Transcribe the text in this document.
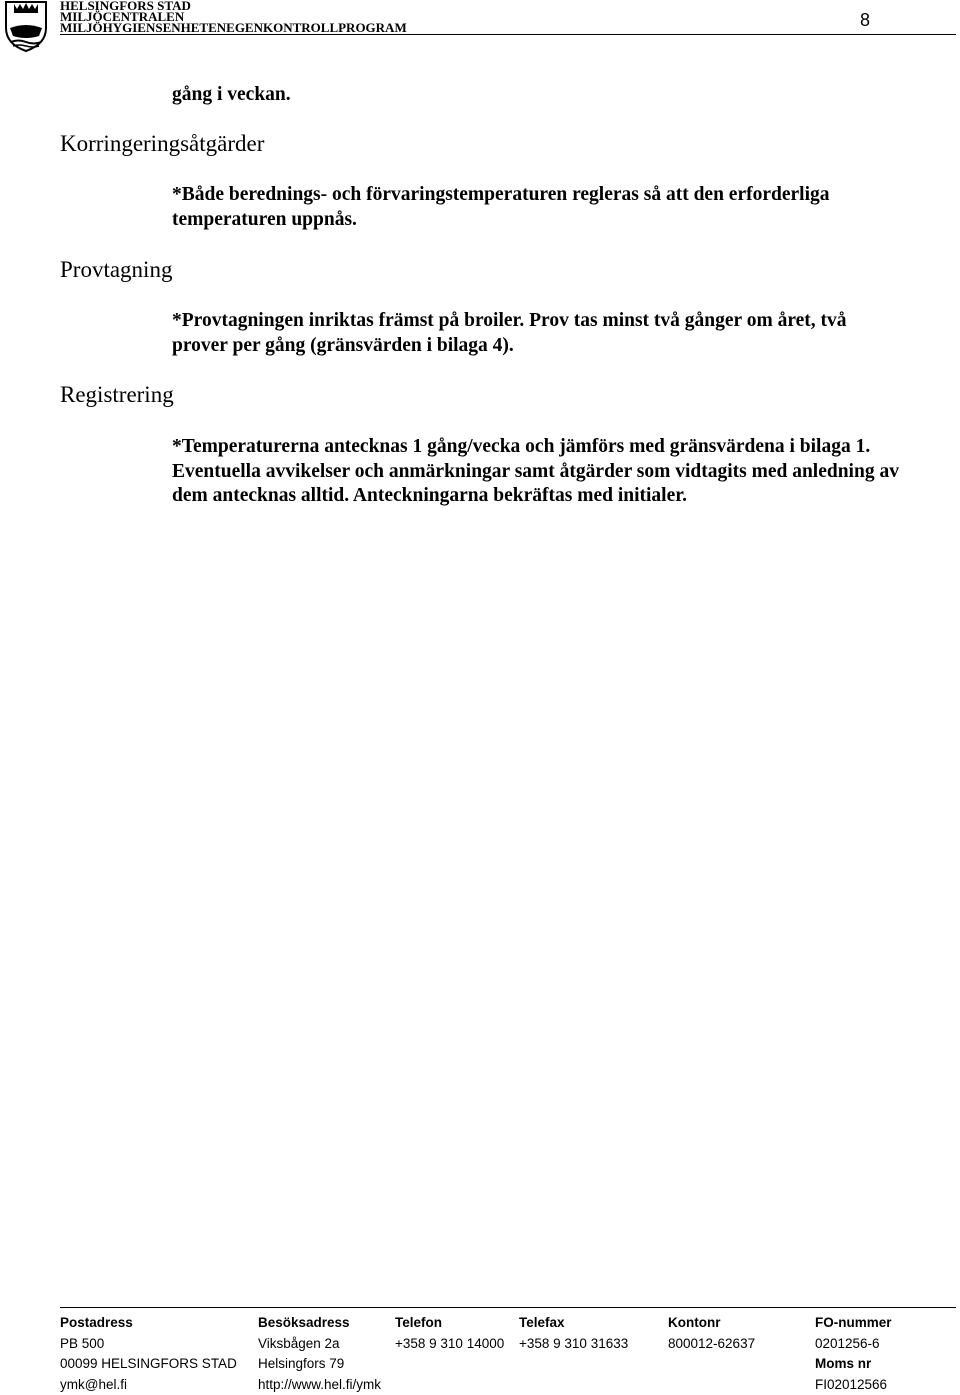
HELSINGFORS STAD
MILJÖCENTRALEN
MILJÖHYGIENSENHETENEGENKONTROLLPROGRAM	8
gång i veckan.
Korringeringsåtgärder
Provtagning
Registrering
*Både berednings- och förvaringstemperaturen regleras så att den erforderliga
temperaturen uppnås.
*Provtagningen inriktas främst på broiler. Prov tas minst två gånger om året, två
prover per gång (gränsvärden i bilaga 4).
*Temperaturerna antecknas 1 gång/vecka och jämförs med gränsvärdena i bilaga 1.
Eventuella avvikelser och anmärkningar samt åtgärder som vidtagits med anledning av
dem antecknas alltid. Anteckningarna bekräftas med initialer.
Postadress
PB 500
00099 HELSINGFORS STAD
ymk@hel.fi
Besöksadress
Viksbågen 2a
Helsingfors 79
http://www.hel.fi/ymk
Telefon
+358 9 310 14000
Telefax
+358 9 310 31633
Kontonr
800012-62637
FO-nummer
0201256-6
Moms nr
FI02012566
